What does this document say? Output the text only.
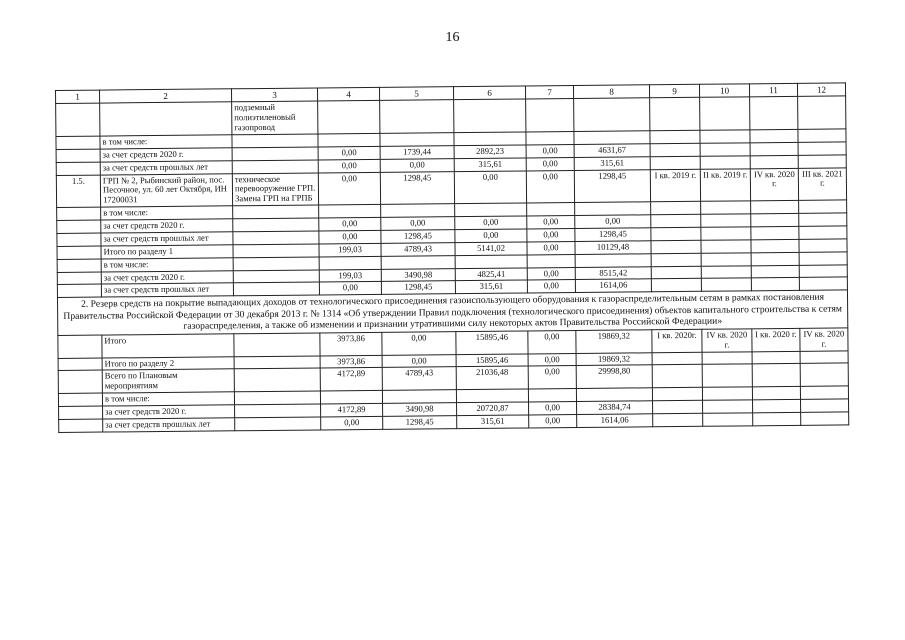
16
1	2	3	4	5	6	7	8	9	10	11	12
		подземный полиэтиленовый газопровод									
	в том числе:										
	за счет средств 2020 г.		0,00	1739,44	2892,23	0,00	4631,67				
	за счет средств прошлых лет		0,00	0,00	315,61	0,00	315,61				
1.5.	ГРП № 2, Рыбинский район, пос. Песочное, ул. 60 лет Октября, ИН 17200031	техническое перевооружение ГРП. Замена ГРП на ГРПБ	0,00	1298,45	0,00	0,00	1298,45	I кв. 2019 г.	II кв. 2019 г.	IV кв. 2020 г.	III кв. 2021 г.
	в том числе:										
	за счет средств 2020 г.		0,00	0,00	0,00	0,00	0,00				
	за счет средств прошлых лет		0,00	1298,45	0,00	0,00	1298,45				
	Итого по разделу 1		199,03	4789,43	5141,02	0,00	10129,48				
	в том числе:										
	за счет средств 2020 г.		199,03	3490,98	4825,41	0,00	8515,42				
	за счет средств прошлых лет		0,00	1298,45	315,61	0,00	1614,06				
2. Резерв средств на покрытие выпадающих доходов от технологического присоединения газоиспользующего оборудования к газораспределительным сетям в рамках постановления Правительства Российской Федерации от 30 декабря 2013 г. № 1314 «Об утверждении Правил подключения (технологического присоединения) объектов капитального строительства к сетям газораспределения, а также об изменении и признании утратившими силу некоторых актов Правительства Российской Федерации»											
	Итого		3973,86	0,00	15895,46	0,00	19869,32	I кв. 2020г.	IV кв. 2020 г.	I кв. 2020 г.	IV кв. 2020 г.
	Итого по разделу 2		3973,86	0,00	15895,46	0,00	19869,32				
	Всего по Плановым мероприятиям		4172,89	4789,43	21036,48	0,00	29998,80				
	в том числе:										
	за счет средств 2020 г.		4172,89	3490,98	20720,87	0,00	28384,74				
	за счет средств прошлых лет		0,00	1298,45	315,61	0,00	1614,06				
